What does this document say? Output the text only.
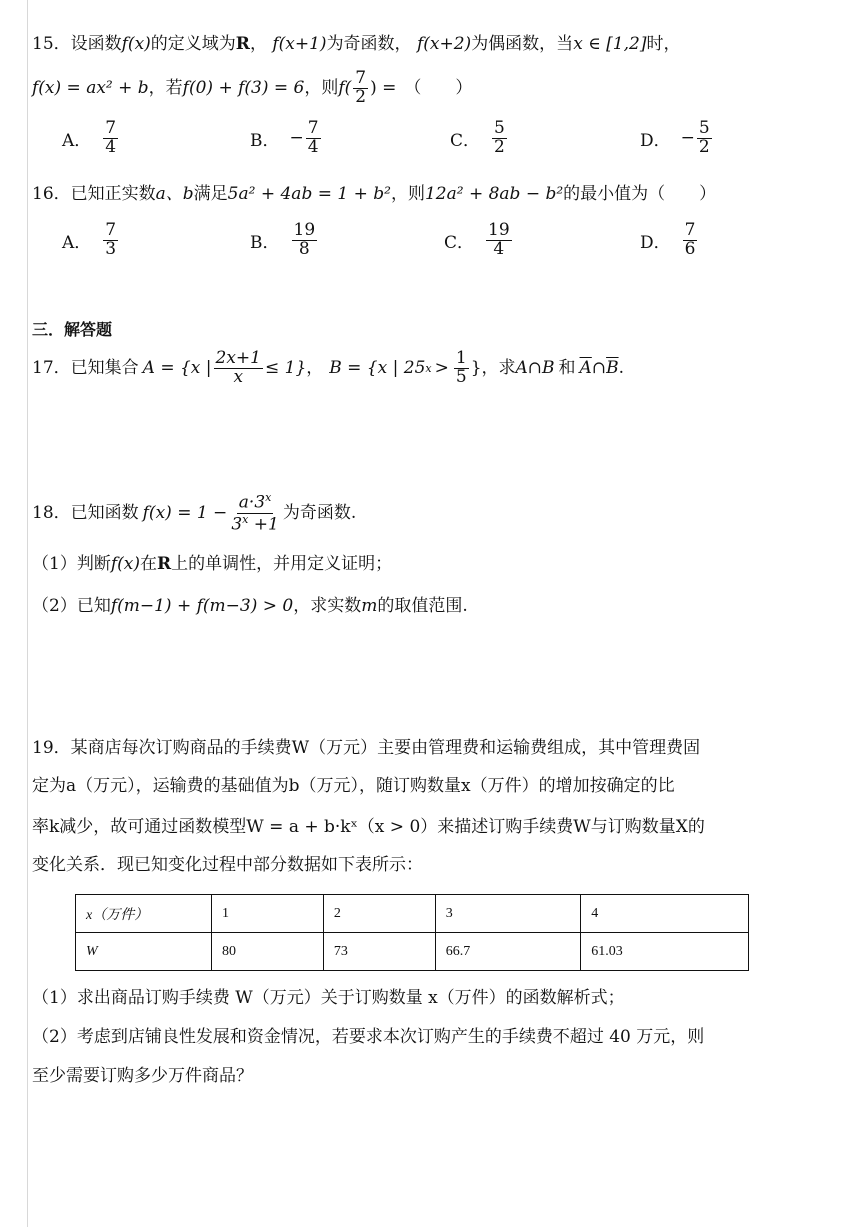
15．设函数f(x)的定义域为R， f(x+1)为奇函数， f(x+2)为偶函数，当x ∈ [1,2]时，
f(x) = ax² + b ，若 f(0) + f(3) = 6 ，则 $f( \frac{7}{2}$ ) = （　　）
A． $\frac{7}{4}$	B． − $\frac{7}{4}$	C． $\frac{5}{2}$	D． − $\frac{5}{2}$
16．已知正实数a、b满足5a² + 4ab = 1 + b²，则12a² + 8ab − b²的最小值为（　　）
A． $\frac{7}{3}$	B． $\frac{19}{8}$	C． $\frac{19}{4}$	D． $\frac{7}{6}$
三．解答题
17． 已知集合 A = {x | $\frac{2x+1}{x} \le 1$} ， B = {x | 25 $x > \frac{1}{5}$ } ，求 A∩B 和 $\overline{A}$ ∩ $\overline{B}$ .
18． 已知函数 $f(x) = 1 - \frac{a\cdot 3^x}{3^x +1}$ 为奇函数.
（1）判断f(x)在R上的单调性，并用定义证明；
（2）已知f(m−1) + f(m−3) > 0，求实数m的取值范围.
19．某商店每次订购商品的手续费W（万元）主要由管理费和运输费组成，其中管理费固
定为a（万元），运输费的基础值为b（万元），随订购数量x（万件）的增加按确定的比
率k减少，故可通过函数模型W = a + b·kˣ（x > 0）来描述订购手续费W与订购数量X的
变化关系．现已知变化过程中部分数据如下表所示：
x（万件）	1	2	3	4
W	80	73	66.7	61.03
（1）求出商品订购手续费 W（万元）关于订购数量 x（万件）的函数解析式；
（2）考虑到店铺良性发展和资金情况，若要求本次订购产生的手续费不超过 40 万元，则
至少需要订购多少万件商品？
